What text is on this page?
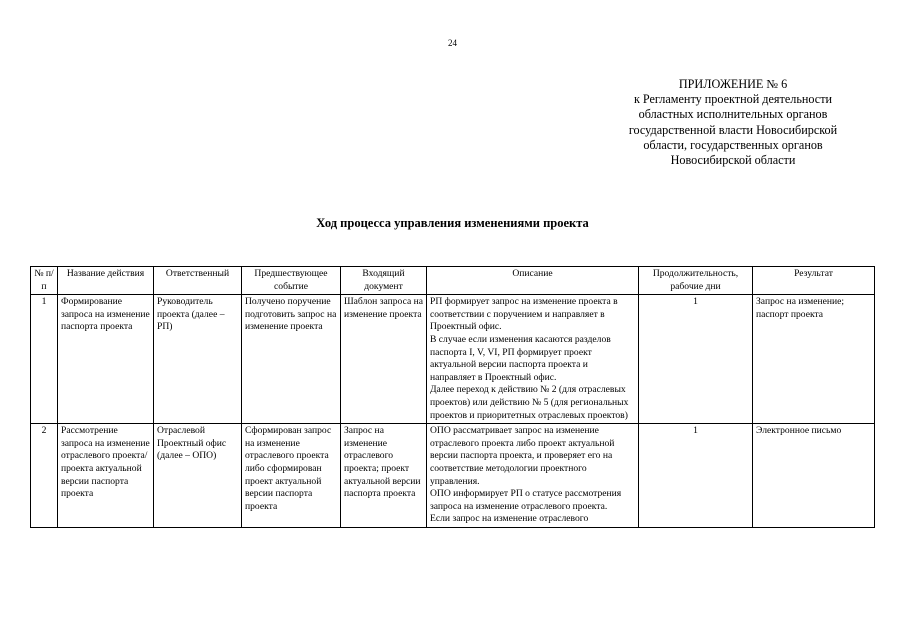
24
ПРИЛОЖЕНИЕ № 6
к Регламенту проектной деятельности
областных исполнительных органов
государственной власти Новосибирской
области, государственных органов
Новосибирской области
Ход процесса управления изменениями проекта
№ п/п	Название действия	Ответственный	Предшествующее событие	Входящий документ	Описание	Продолжительность, рабочие дни	Результат
1	Формирование запроса на изменение паспорта проекта	Руководитель проекта (далее – РП)	Получено поручение подготовить запрос на изменение проекта	Шаблон запроса на изменение проекта	РП формирует запрос на изменение проекта в соответствии с поручением и направляет в Проектный офис.
В случае если изменения касаются разделов паспорта I, V, VI, РП формирует проект актуальной версии паспорта проекта и направляет в Проектный офис.
Далее переход к действию № 2 (для отраслевых проектов) или действию № 5 (для региональных проектов и приоритетных отраслевых проектов)	1	Запрос на изменение; паспорт проекта
2	Рассмотрение запроса на изменение отраслевого проекта/проекта актуальной версии паспорта проекта	Отраслевой Проектный офис (далее – ОПО)	Сформирован запрос на изменение отраслевого проекта либо сформирован проект актуальной версии паспорта проекта	Запрос на изменение отраслевого проекта; проект актуальной версии паспорта проекта	ОПО рассматривает запрос на изменение отраслевого проекта либо проект актуальной версии паспорта проекта, и проверяет его на соответствие методологии проектного управления.
ОПО информирует РП о статусе рассмотрения запроса на изменение отраслевого проекта.
Если запрос на изменение отраслевого	1	Электронное письмо
